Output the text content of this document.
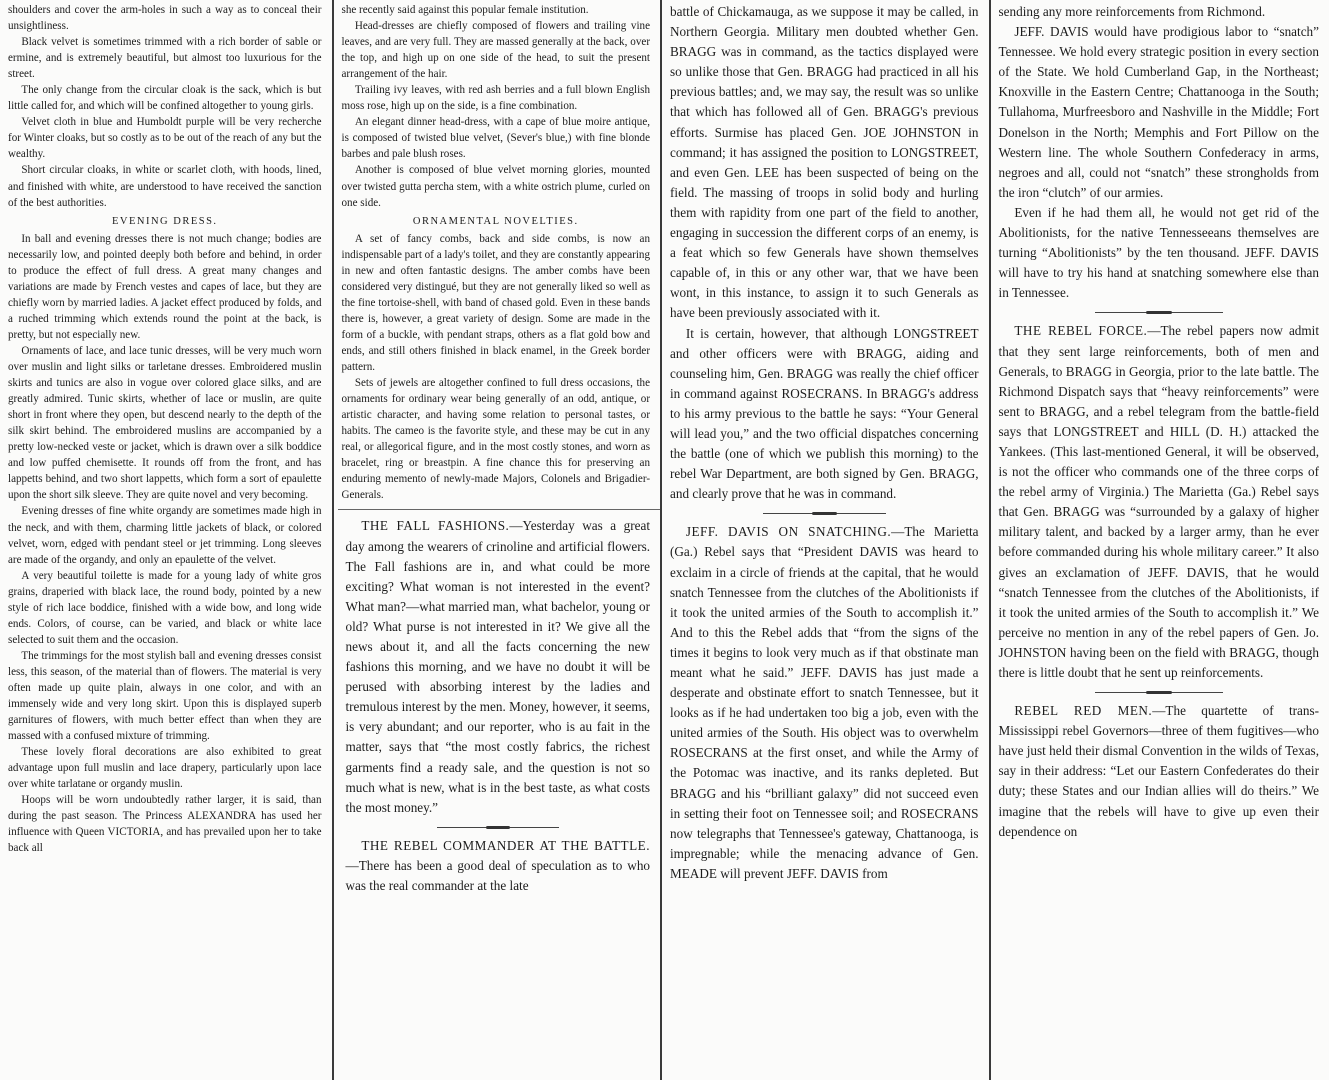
shoulders and cover the arm-holes in such a way as to conceal their unsightliness.

Black velvet is sometimes trimmed with a rich border of sable or ermine, and is extremely beautiful, but almost too luxurious for the street.

The only change from the circular cloak is the sack, which is but little called for, and which will be confined altogether to young girls.

Velvet cloth in blue and Humboldt purple will be very recherche for Winter cloaks, but so costly as to be out of the reach of any but the wealthy.

Short circular cloaks, in white or scarlet cloth, with hoods, lined, and finished with white, are understood to have received the sanction of the best authorities.

EVENING DRESS.

In ball and evening dresses there is not much change; bodies are necessarily low, and pointed deeply both before and behind, in order to produce the effect of full dress. A great many changes and variations are made by French vestes and capes of lace, but they are chiefly worn by married ladies. A jacket effect produced by folds, and a ruched trimming which extends round the point at the back, is pretty, but not especially new.

Ornaments of lace, and lace tunic dresses, will be very much worn over muslin and light silks or tarletane dresses. Embroidered muslin skirts and tunics are also in vogue over colored glace silks, and are greatly admired. Tunic skirts, whether of lace or muslin, are quite short in front where they open, but descend nearly to the depth of the silk skirt behind. The embroidered muslins are accompanied by a pretty low-necked veste or jacket, which is drawn over a silk boddice and low puffed chemisette. It rounds off from the front, and has lappetts behind, and two short lappetts, which form a sort of epaulette upon the short silk sleeve. They are quite novel and very becoming.

Evening dresses of fine white organdy are sometimes made high in the neck, and with them, charming little jackets of black, or colored velvet, worn, edged with pendant steel or jet trimming. Long sleeves are made of the organdy, and only an epaulette of the velvet.

A very beautiful toilette is made for a young lady of white gros grains, draperied with black lace, the round body, pointed by a new style of rich lace boddice, finished with a wide bow, and long wide ends. Colors, of course, can be varied, and black or white lace selected to suit them and the occasion.

The trimmings for the most stylish ball and evening dresses consist less, this season, of the material than of flowers. The material is very often made up quite plain, always in one color, and with an immensely wide and very long skirt. Upon this is displayed superb garnitures of flowers, with much better effect than when they are massed with a confused mixture of trimming.

These lovely floral decorations are also exhibited to great advantage upon full muslin and lace drapery, particularly upon lace over white tarlatane or organdy muslin.

Hoops will be worn undoubtedly rather larger, it is said, than during the past season. The Princess ALEXANDRA has used her influence with Queen VICTORIA, and has prevailed upon her to take back all

she recently said against this popular female institution.

Head-dresses are chiefly composed of flowers and trailing vine leaves, and are very full. They are massed generally at the back, over the top, and high up on one side of the head, to suit the present arrangement of the hair.

Trailing ivy leaves, with red ash berries and a full blown English moss rose, high up on the side, is a fine combination.

An elegant dinner head-dress, with a cape of blue moire antique, is composed of twisted blue velvet, (Sever's blue,) with fine blonde barbes and pale blush roses.

Another is composed of blue velvet morning glories, mounted over twisted gutta percha stem, with a white ostrich plume, curled on one side.

ORNAMENTAL NOVELTIES.

A set of fancy combs, back and side combs, is now an indispensable part of a lady's toilet, and they are constantly appearing in new and often fantastic designs. The amber combs have been considered very distingué, but they are not generally liked so well as the fine tortoise-shell, with band of chased gold. Even in these bands there is, however, a great variety of design. Some are made in the form of a buckle, with pendant straps, others as a flat gold bow and ends, and still others finished in black enamel, in the Greek border pattern.

Sets of jewels are altogether confined to full dress occasions, the ornaments for ordinary wear being generally of an odd, antique, or artistic character, and having some relation to personal tastes, or habits. The cameo is the favorite style, and these may be cut in any real, or allegorical figure, and in the most costly stones, and worn as bracelet, ring or breastpin. A fine chance this for preserving an enduring memento of newly-made Majors, Colonels and Brigadier-Generals.

THE FALL FASHIONS.—Yesterday was a great day among the wearers of crinoline and artificial flowers. The Fall fashions are in, and what could be more exciting? What woman is not interested in the event? What man?—what married man, what bachelor, young or old? What purse is not interested in it? We give all the news about it, and all the facts concerning the new fashions this morning, and we have no doubt it will be perused with absorbing interest by the ladies and tremulous interest by the men. Money, however, it seems, is very abundant; and our reporter, who is au fait in the matter, says that “the most costly fabrics, the richest garments find a ready sale, and the question is not so much what is new, what is in the best taste, as what costs the most money.”

THE REBEL COMMANDER AT THE BATTLE.—There has been a good deal of speculation as to who was the real commander at the late

battle of Chickamauga, as we suppose it may be called, in Northern Georgia. Military men doubted whether Gen. BRAGG was in command, as the tactics displayed were so unlike those that Gen. BRAGG had practiced in all his previous battles; and, we may say, the result was so unlike that which has followed all of Gen. BRAGG's previous efforts. Surmise has placed Gen. JOE JOHNSTON in command; it has assigned the position to LONGSTREET, and even Gen. LEE has been suspected of being on the field. The massing of troops in solid body and hurling them with rapidity from one part of the field to another, engaging in succession the different corps of an enemy, is a feat which so few Generals have shown themselves capable of, in this or any other war, that we have been wont, in this instance, to assign it to such Generals as have been previously associated with it.

It is certain, however, that although LONGSTREET and other officers were with BRAGG, aiding and counseling him, Gen. BRAGG was really the chief officer in command against ROSECRANS. In BRAGG's address to his army previous to the battle he says: “Your General will lead you,” and the two official dispatches concerning the battle (one of which we publish this morning) to the rebel War Department, are both signed by Gen. BRAGG, and clearly prove that he was in command.

JEFF. DAVIS ON SNATCHING.—The Marietta (Ga.) Rebel says that “President DAVIS was heard to exclaim in a circle of friends at the capital, that he would snatch Tennessee from the clutches of the Abolitionists if it took the united armies of the South to accomplish it.” And to this the Rebel adds that “from the signs of the times it begins to look very much as if that obstinate man meant what he said.” JEFF. DAVIS has just made a desperate and obstinate effort to snatch Tennessee, but it looks as if he had undertaken too big a job, even with the united armies of the South. His object was to overwhelm ROSECRANS at the first onset, and while the Army of the Potomac was inactive, and its ranks depleted. But BRAGG and his “brilliant galaxy” did not succeed even in setting their foot on Tennessee soil; and ROSECRANS now telegraphs that Tennessee's gateway, Chattanooga, is impregnable; while the menacing advance of Gen. MEADE will prevent JEFF. DAVIS from

sending any more reinforcements from Richmond.

JEFF. DAVIS would have prodigious labor to “snatch” Tennessee. We hold every strategic position in every section of the State. We hold Cumberland Gap, in the Northeast; Knoxville in the Eastern Centre; Chattanooga in the South; Tullahoma, Murfreesboro and Nashville in the Middle; Fort Donelson in the North; Memphis and Fort Pillow on the Western line. The whole Southern Confederacy in arms, negroes and all, could not “snatch” these strongholds from the iron “clutch” of our armies.

Even if he had them all, he would not get rid of the Abolitionists, for the native Tennesseeans themselves are turning “Abolitionists” by the ten thousand. JEFF. DAVIS will have to try his hand at snatching somewhere else than in Tennessee.

THE REBEL FORCE.—The rebel papers now admit that they sent large reinforcements, both of men and Generals, to BRAGG in Georgia, prior to the late battle. The Richmond Dispatch says that “heavy reinforcements” were sent to BRAGG, and a rebel telegram from the battle-field says that LONGSTREET and HILL (D. H.) attacked the Yankees. (This last-mentioned General, it will be observed, is not the officer who commands one of the three corps of the rebel army of Virginia.) The Marietta (Ga.) Rebel says that Gen. BRAGG was “surrounded by a galaxy of higher military talent, and backed by a larger army, than he ever before commanded during his whole military career.” It also gives an exclamation of JEFF. DAVIS, that he would “snatch Tennessee from the clutches of the Abolitionists, if it took the united armies of the South to accomplish it.” We perceive no mention in any of the rebel papers of Gen. Jo. JOHNSTON having been on the field with BRAGG, though there is little doubt that he sent up reinforcements.

REBEL RED MEN.—The quartette of trans-Mississippi rebel Governors—three of them fugitives—who have just held their dismal Convention in the wilds of Texas, say in their address: “Let our Eastern Confederates do their duty; these States and our Indian allies will do theirs.” We imagine that the rebels will have to give up even their dependence on
